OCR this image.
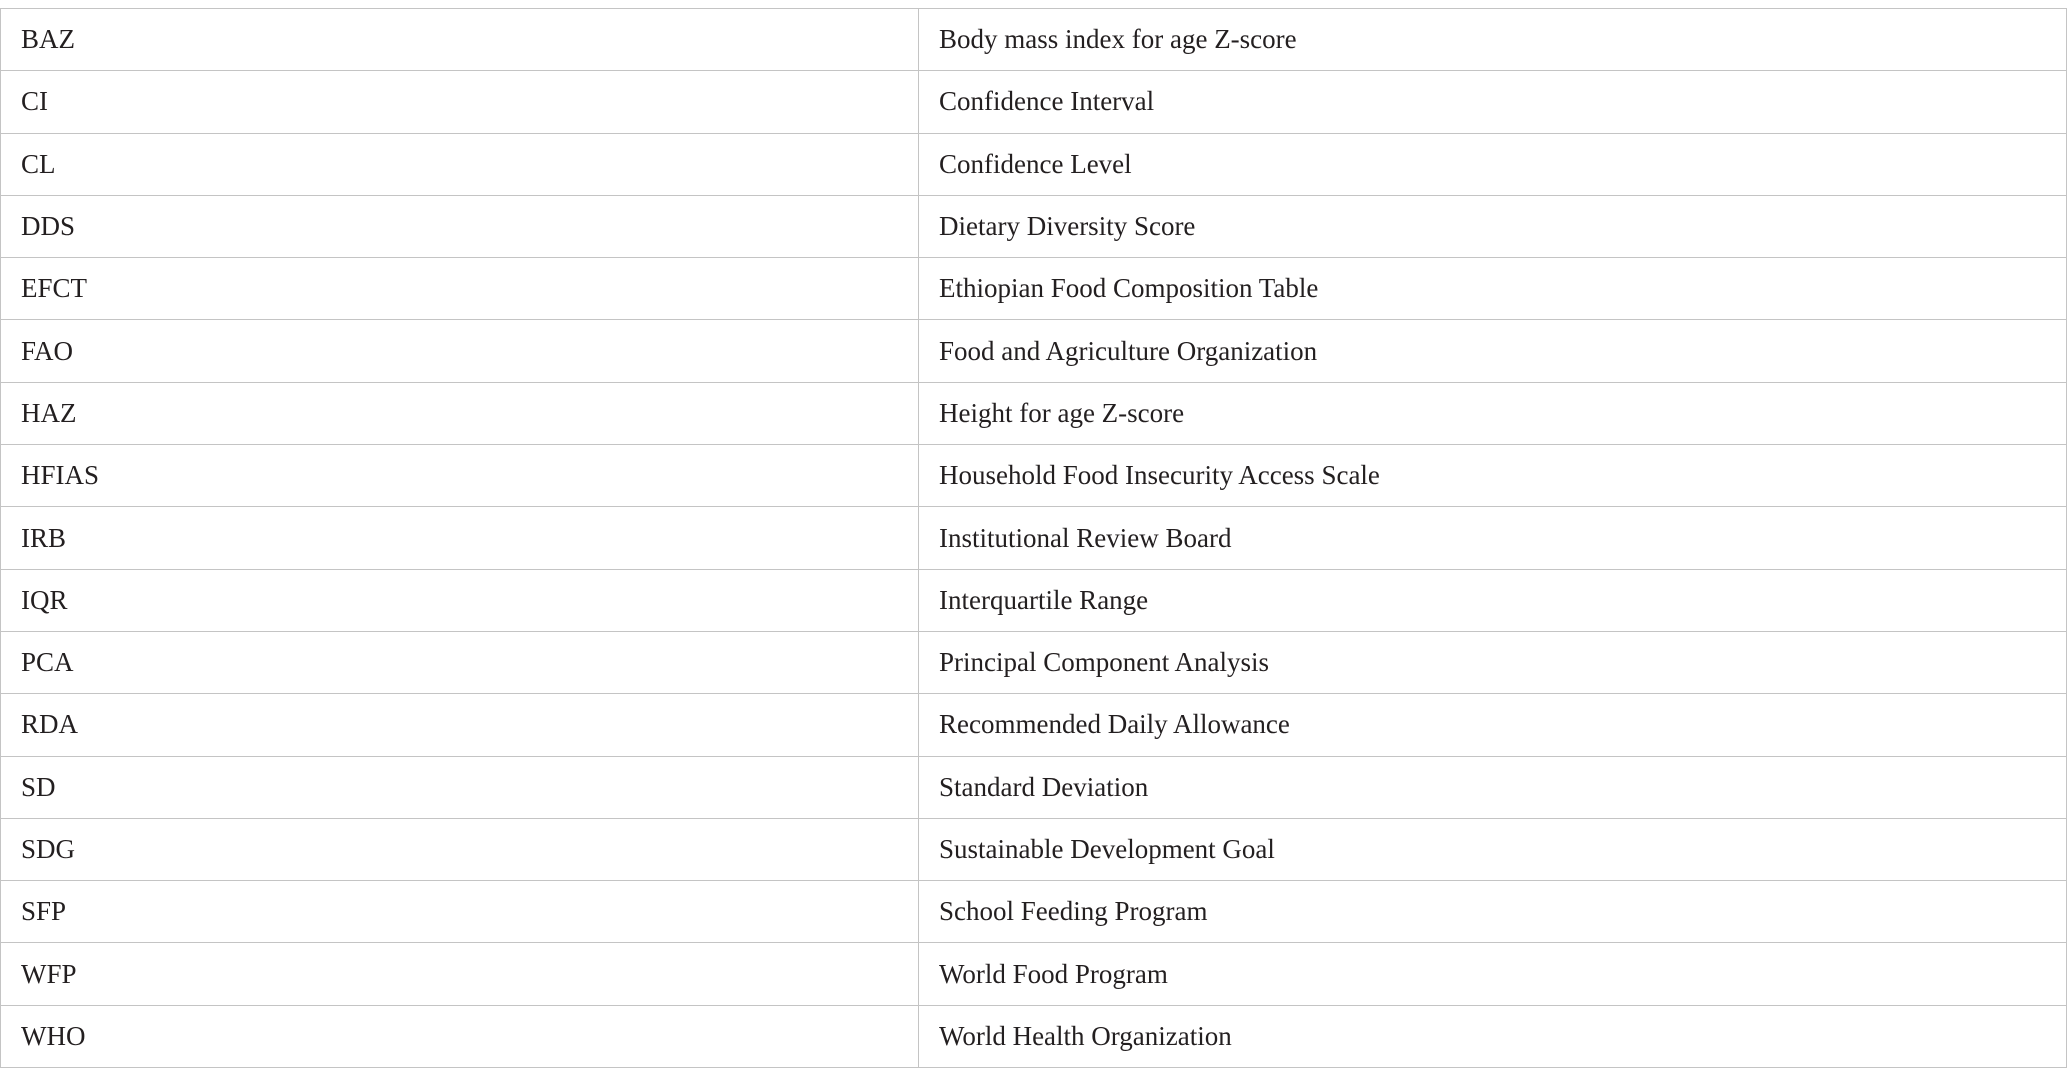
BAZ	Body mass index for age Z-score
CI	Confidence Interval
CL	Confidence Level
DDS	Dietary Diversity Score
EFCT	Ethiopian Food Composition Table
FAO	Food and Agriculture Organization
HAZ	Height for age Z-score
HFIAS	Household Food Insecurity Access Scale
IRB	Institutional Review Board
IQR	Interquartile Range
PCA	Principal Component Analysis
RDA	Recommended Daily Allowance
SD	Standard Deviation
SDG	Sustainable Development Goal
SFP	School Feeding Program
WFP	World Food Program
WHO	World Health Organization
